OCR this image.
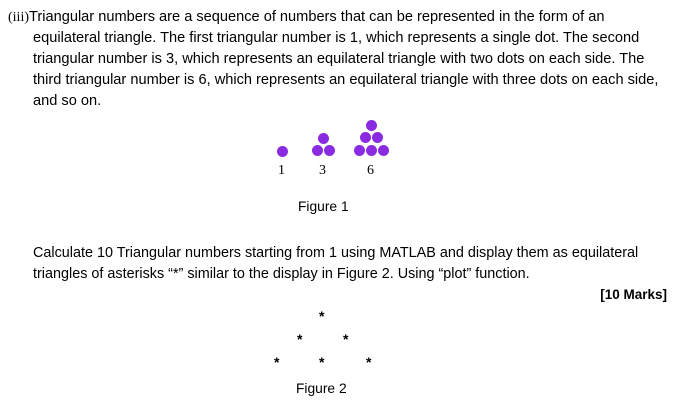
(iii)Triangular numbers are a sequence of numbers that can be represented in the form of an
equilateral triangle. The first triangular number is 1, which represents a single dot. The second
triangular number is 3, which represents an equilateral triangle with two dots on each side. The
third triangular number is 6, which represents an equilateral triangle with three dots on each side,
and so on.
1 3	6
Figure 1
Calculate 10 Triangular numbers starting from 1 using MATLAB and display them as equilateral
triangles of asterisks “*” similar to the display in Figure 2. Using “plot” function.
[10 Marks]
*
*	*
*	*	*
Figure 2
